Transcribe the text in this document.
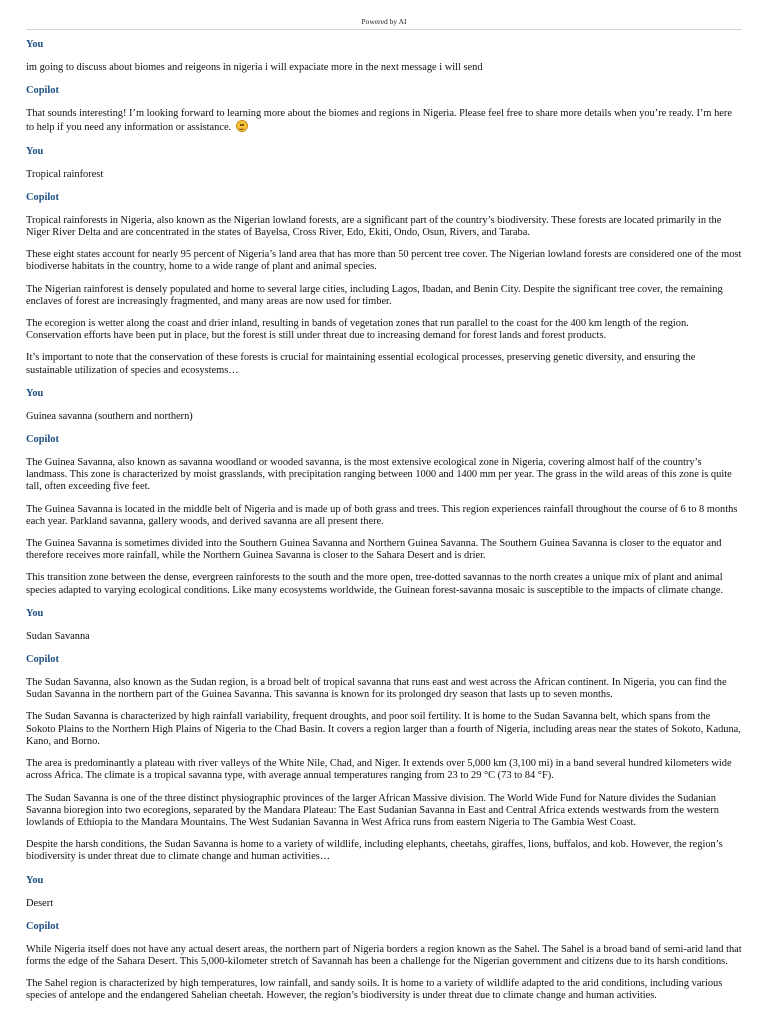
Powered by AI
You
im going to discuss about biomes and reigeons in nigeria i will expaciate more in the next message i will send
Copilot
That sounds interesting! I’m looking forward to learning more about the biomes and regions in Nigeria. Please feel free to share more details when you’re ready. I’m here to help if you need any information or assistance.
You
Tropical rainforest
Copilot
Tropical rainforests in Nigeria, also known as the Nigerian lowland forests, are a significant part of the country’s biodiversity. These forests are located primarily in the Niger River Delta and are concentrated in the states of Bayelsa, Cross River, Edo, Ekiti, Ondo, Osun, Rivers, and Taraba.
These eight states account for nearly 95 percent of Nigeria’s land area that has more than 50 percent tree cover. The Nigerian lowland forests are considered one of the most biodiverse habitats in the country, home to a wide range of plant and animal species.
The Nigerian rainforest is densely populated and home to several large cities, including Lagos, Ibadan, and Benin City. Despite the significant tree cover, the remaining enclaves of forest are increasingly fragmented, and many areas are now used for timber.
The ecoregion is wetter along the coast and drier inland, resulting in bands of vegetation zones that run parallel to the coast for the 400 km length of the region. Conservation efforts have been put in place, but the forest is still under threat due to increasing demand for forest lands and forest products.
It’s important to note that the conservation of these forests is crucial for maintaining essential ecological processes, preserving genetic diversity, and ensuring the sustainable utilization of species and ecosystems…
You
Guinea savanna (southern and northern)
Copilot
The Guinea Savanna, also known as savanna woodland or wooded savanna, is the most extensive ecological zone in Nigeria, covering almost half of the country’s landmass. This zone is characterized by moist grasslands, with precipitation ranging between 1000 and 1400 mm per year. The grass in the wild areas of this zone is quite tall, often exceeding five feet.
The Guinea Savanna is located in the middle belt of Nigeria and is made up of both grass and trees. This region experiences rainfall throughout the course of 6 to 8 months each year. Parkland savanna, gallery woods, and derived savanna are all present there.
The Guinea Savanna is sometimes divided into the Southern Guinea Savanna and Northern Guinea Savanna. The Southern Guinea Savanna is closer to the equator and therefore receives more rainfall, while the Northern Guinea Savanna is closer to the Sahara Desert and is drier.
This transition zone between the dense, evergreen rainforests to the south and the more open, tree-dotted savannas to the north creates a unique mix of plant and animal species adapted to varying ecological conditions. Like many ecosystems worldwide, the Guinean forest-savanna mosaic is susceptible to the impacts of climate change.
You
Sudan Savanna
Copilot
The Sudan Savanna, also known as the Sudan region, is a broad belt of tropical savanna that runs east and west across the African continent. In Nigeria, you can find the Sudan Savanna in the northern part of the Guinea Savanna. This savanna is known for its prolonged dry season that lasts up to seven months.
The Sudan Savanna is characterized by high rainfall variability, frequent droughts, and poor soil fertility. It is home to the Sudan Savanna belt, which spans from the Sokoto Plains to the Northern High Plains of Nigeria to the Chad Basin. It covers a region larger than a fourth of Nigeria, including areas near the states of Sokoto, Kaduna, Kano, and Borno.
The area is predominantly a plateau with river valleys of the White Nile, Chad, and Niger. It extends over 5,000 km (3,100 mi) in a band several hundred kilometers wide across Africa. The climate is a tropical savanna type, with average annual temperatures ranging from 23 to 29 °C (73 to 84 °F).
The Sudan Savanna is one of the three distinct physiographic provinces of the larger African Massive division. The World Wide Fund for Nature divides the Sudanian Savanna bioregion into two ecoregions, separated by the Mandara Plateau: The East Sudanian Savanna in East and Central Africa extends westwards from the western lowlands of Ethiopia to the Mandara Mountains. The West Sudanian Savanna in West Africa runs from eastern Nigeria to The Gambia West Coast.
Despite the harsh conditions, the Sudan Savanna is home to a variety of wildlife, including elephants, cheetahs, giraffes, lions, buffalos, and kob. However, the region’s biodiversity is under threat due to climate change and human activities…
You
Desert
Copilot
While Nigeria itself does not have any actual desert areas, the northern part of Nigeria borders a region known as the Sahel. The Sahel is a broad band of semi-arid land that forms the edge of the Sahara Desert. This 5,000-kilometer stretch of Savannah has been a challenge for the Nigerian government and citizens due to its harsh conditions.
The Sahel region is characterized by high temperatures, low rainfall, and sandy soils. It is home to a variety of wildlife adapted to the arid conditions, including various species of antelope and the endangered Sahelian cheetah. However, the region’s biodiversity is under threat due to climate change and human activities.
